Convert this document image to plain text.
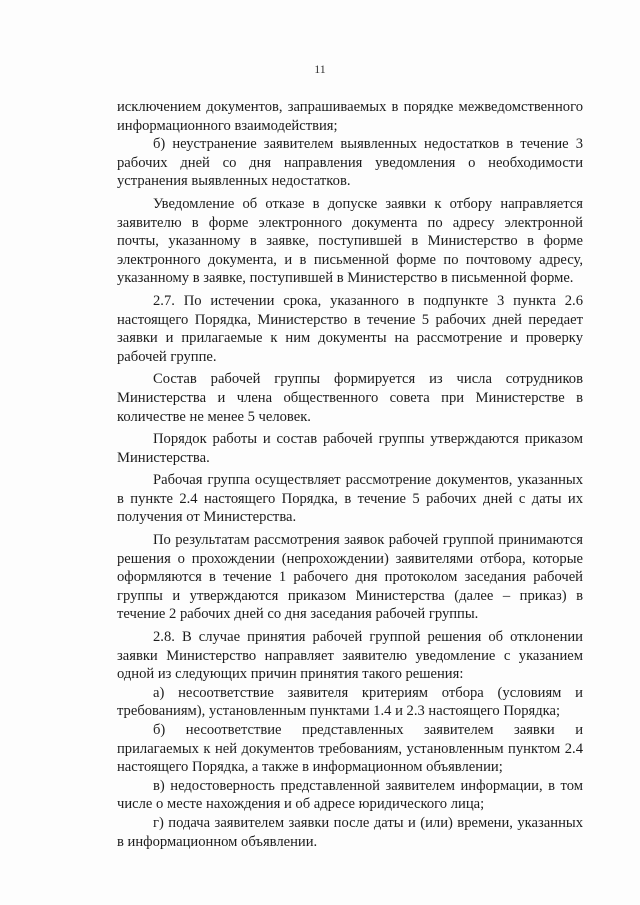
11

исключением документов, запрашиваемых в порядке межведомственного информационного взаимодействия;

б) неустранение заявителем выявленных недостатков в течение 3 рабочих дней со дня направления уведомления о необходимости устранения выявленных недостатков.

Уведомление об отказе в допуске заявки к отбору направляется заявителю в форме электронного документа по адресу электронной почты, указанному в заявке, поступившей в Министерство в форме электронного документа, и в письменной форме по почтовому адресу, указанному в заявке, поступившей в Министерство в письменной форме.

2.7. По истечении срока, указанного в подпункте 3 пункта 2.6 настоящего Порядка, Министерство в течение 5 рабочих дней передает заявки и прилагаемые к ним документы на рассмотрение и проверку рабочей группе.

Состав рабочей группы формируется из числа сотрудников Министерства и члена общественного совета при Министерстве в количестве не менее 5 человек.

Порядок работы и состав рабочей группы утверждаются приказом Министерства.

Рабочая группа осуществляет рассмотрение документов, указанных в пункте 2.4 настоящего Порядка, в течение 5 рабочих дней с даты их получения от Министерства.

По результатам рассмотрения заявок рабочей группой принимаются решения о прохождении (непрохождении) заявителями отбора, которые оформляются в течение 1 рабочего дня протоколом заседания рабочей группы и утверждаются приказом Министерства (далее – приказ) в течение 2 рабочих дней со дня заседания рабочей группы.

2.8. В случае принятия рабочей группой решения об отклонении заявки Министерство направляет заявителю уведомление с указанием одной из следующих причин принятия такого решения:

а) несоответствие заявителя критериям отбора (условиям и требованиям), установленным пунктами 1.4 и 2.3 настоящего Порядка;

б) несоответствие представленных заявителем заявки и прилагаемых к ней документов требованиям, установленным пунктом 2.4 настоящего Порядка, а также в информационном объявлении;

в) недостоверность представленной заявителем информации, в том числе о месте нахождения и об адресе юридического лица;

г) подача заявителем заявки после даты и (или) времени, указанных в информационном объявлении.
